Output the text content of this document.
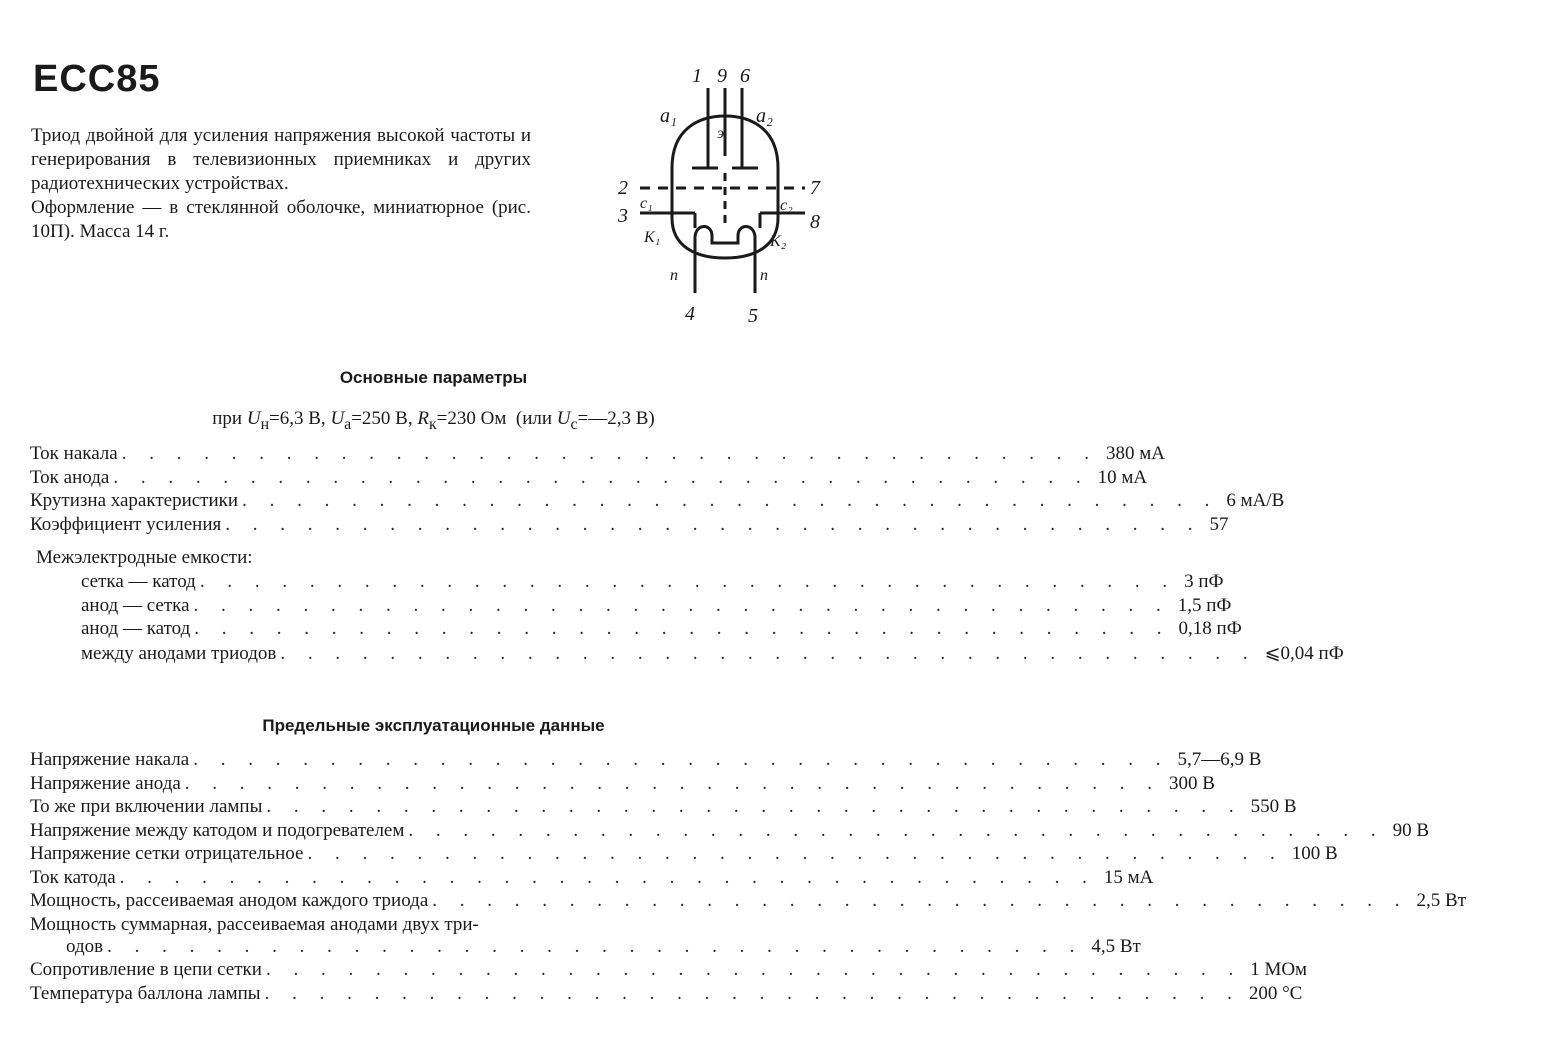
ECC85

Триод двойной для усиления напряжения высокой частоты и генерирования в телевизионных приемниках и других радиотехнических устройствах.

Оформление — в стеклянной оболочке, миниатюрное (рис. 10П). Масса 14 г.

1 9 6
a₁
э
a₂
2
3
c₁	c₂
7
8
K₁	K₂
п	п
4	5
Основные параметры
при $U_н=6,3$ В, $U_а=250$ В, $R_к=230$ Ом (или $U_с=—2,3$ В)
Ток накала . . . . . . . . . . . . . . . . . . . . . . . . . . . . . . . . . . . . 380 мА
Ток анода . . . . . . . . . . . . . . . . . . . . . . . . . . . . . . . . . . . . 10 мА
Крутизна характеристики . . . . . . . . . . . . . . . . . . . . . . . . . . . . . . . . . . . . 6 мА/В
Коэффициент усиления . . . . . . . . . . . . . . . . . . . . . . . . . . . . . . . . . . . . 57
Межэлектродные емкости:
сетка — катод . . . . . . . . . . . . . . . . . . . . . . . . . . . . . . . . . . . . 3 пФ
анод — сетка . . . . . . . . . . . . . . . . . . . . . . . . . . . . . . . . . . . . 1,5 пФ
анод — катод . . . . . . . . . . . . . . . . . . . . . . . . . . . . . . . . . . . . 0,18 пФ
между анодами триодов . . . . . . . . . . . . . . . . . . . . . . . . . . . . . . . . . . . . ⩽0,04 пФ
Предельные эксплуатационные данные
Напряжение накала . . . . . . . . . . . . . . . . . . . . . . . . . . . . . . . . . . . . 5,7—6,9 В
Напряжение анода . . . . . . . . . . . . . . . . . . . . . . . . . . . . . . . . . . . . 300 В
То же при включении лампы . . . . . . . . . . . . . . . . . . . . . . . . . . . . . . . . . . . . 550 В
Напряжение между катодом и подогревателем . . . . . . . . . . . . . . . . . . . . . . . . . . . . . . . . . . . . 90 В
Напряжение сетки отрицательное . . . . . . . . . . . . . . . . . . . . . . . . . . . . . . . . . . . . 100 В
Ток катода . . . . . . . . . . . . . . . . . . . . . . . . . . . . . . . . . . . . 15 мА
Мощность, рассеиваемая анодом каждого триода . . . . . . . . . . . . . . . . . . . . . . . . . . . . . . . . . . . . 2,5 Вт
Мощность суммарная, рассеиваемая анодами двух три-
одов . . . . . . . . . . . . . . . . . . . . . . . . . . . . . . . . . . . . 4,5 Вт
Сопротивление в цепи сетки . . . . . . . . . . . . . . . . . . . . . . . . . . . . . . . . . . . . 1 МОм
Температура баллона лампы . . . . . . . . . . . . . . . . . . . . . . . . . . . . . . . . . . . . 200 °С
